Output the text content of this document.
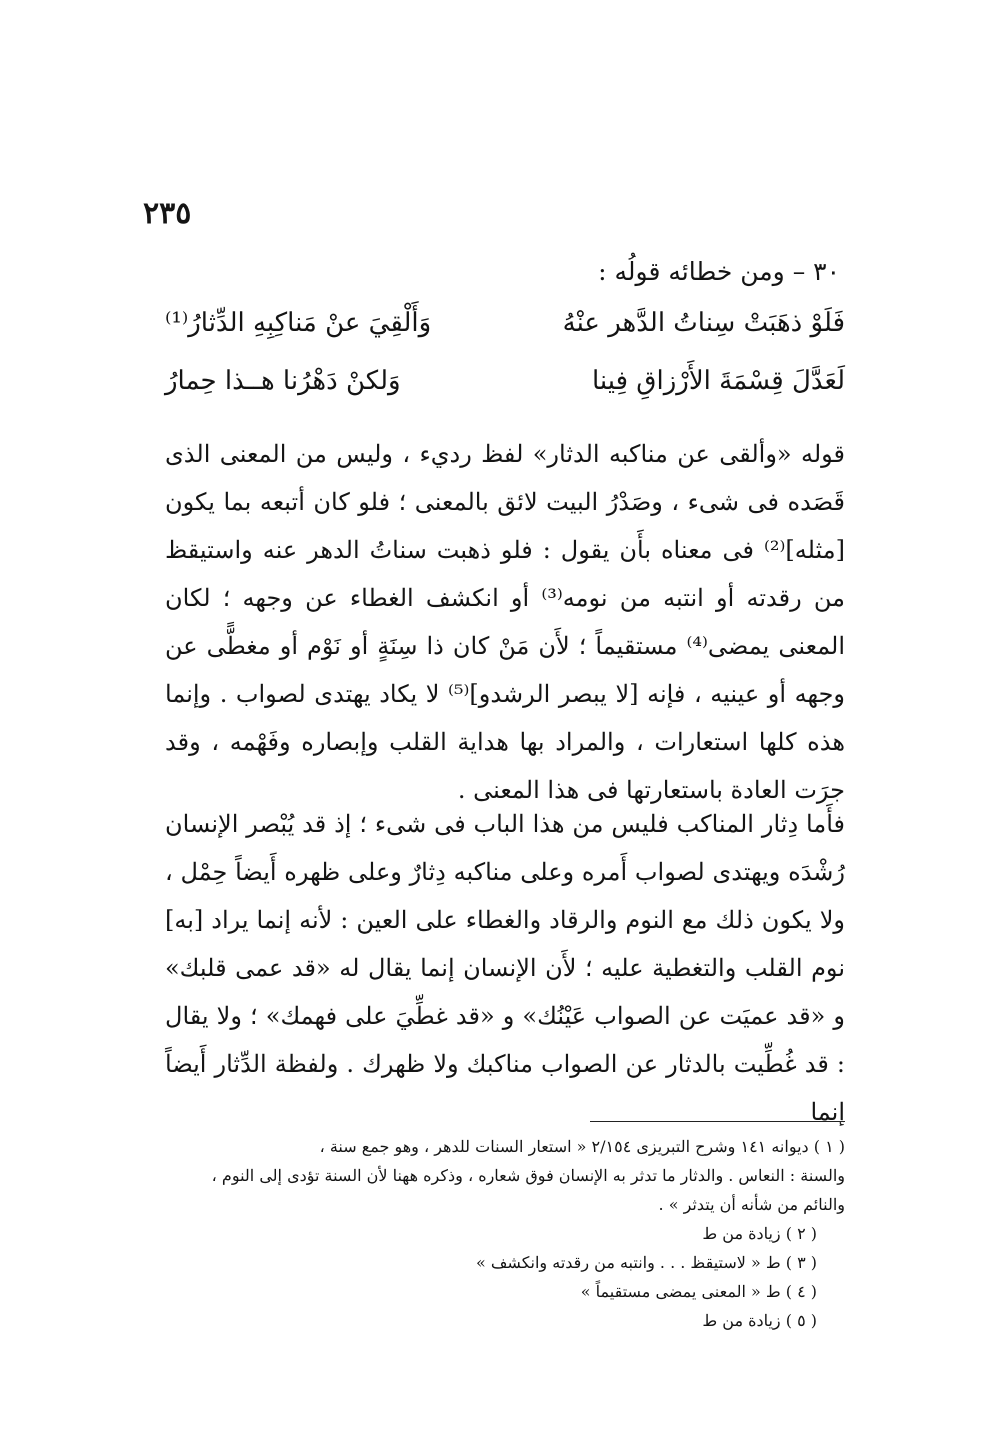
٢٣٥
٣٠ – ومن خطائه قولُه :
فَلَوْ ذهَبَتْ سِناتُ الدَّهر عنْهُ
وَأَلْقِيَ عنْ مَناكِبِهِ الدِّثارُ⁽¹⁾
لَعَدَّلَ قِسْمَةَ الأَرْزاقِ فِينا
وَلكنْ دَهْرُنا هــذا حِمارُ
قوله «وألقى عن مناكبه الدثار» لفظ رديء ، وليس من المعنى الذى قَصَده فى شىء ، وصَدْرُ البيت لائق بالمعنى ؛ فلو كان أتبعه بما يكون [مثله]⁽²⁾ فى معناه بأَن يقول : فلو ذهبت سناتُ الدهر عنه واستيقظ من رقدته أو انتبه من نومه⁽³⁾ أو انكشف الغطاء عن وجهه ؛ لكان المعنى يمضى⁽⁴⁾ مستقيماً ؛ لأَن مَنْ كان ذا سِنَةٍ أو نَوْم أو مغطًّى عن وجهه أو عينيه ، فإنه [لا يبصر الرشدو]⁽⁵⁾ لا يكاد يهتدى لصواب . وإنما هذه كلها استعارات ، والمراد بها هداية القلب وإبصاره وفَهْمه ، وقد جرَت العادة باستعارتها فى هذا المعنى .
فأَما دِثار المناكب فليس من هذا الباب فى شىء ؛ إذ قد يُبْصر الإنسان رُشْدَه ويهتدى لصواب أَمره وعلى مناكبه دِثارٌ وعلى ظهره أَيضاً حِمْل ، ولا يكون ذلك مع النوم والرقاد والغطاء على العين : لأنه إنما يراد [به] نوم القلب والتغطية عليه ؛ لأَن الإنسان إنما يقال له «قد عمى قلبك» و «قد عميَت عن الصواب عَيْنُك» و «قد غطِّيَ على فهمك» ؛ ولا يقال : قد غُطِّيت بالدثار عن الصواب مناكبك ولا ظهرك . ولفظة الدِّثار أَيضاً إنما
( ١ ) ديوانه ١٤١ وشرح التبريزى ٢/١٥٤ « استعار السنات للدهر ، وهو جمع سنة ،
والسنة : النعاس . والدثار ما تدثر به الإنسان فوق شعاره ، وذكره ههنا لأن السنة تؤدى إلى النوم ،
والنائم من شأنه أن يتدثر » .
( ٢ ) زيادة من ط
( ٣ ) ط « لاستيقظ . . . وانتبه من رقدته وانكشف »
( ٤ ) ط « المعنى يمضى مستقيماً »
( ٥ ) زيادة من ط
